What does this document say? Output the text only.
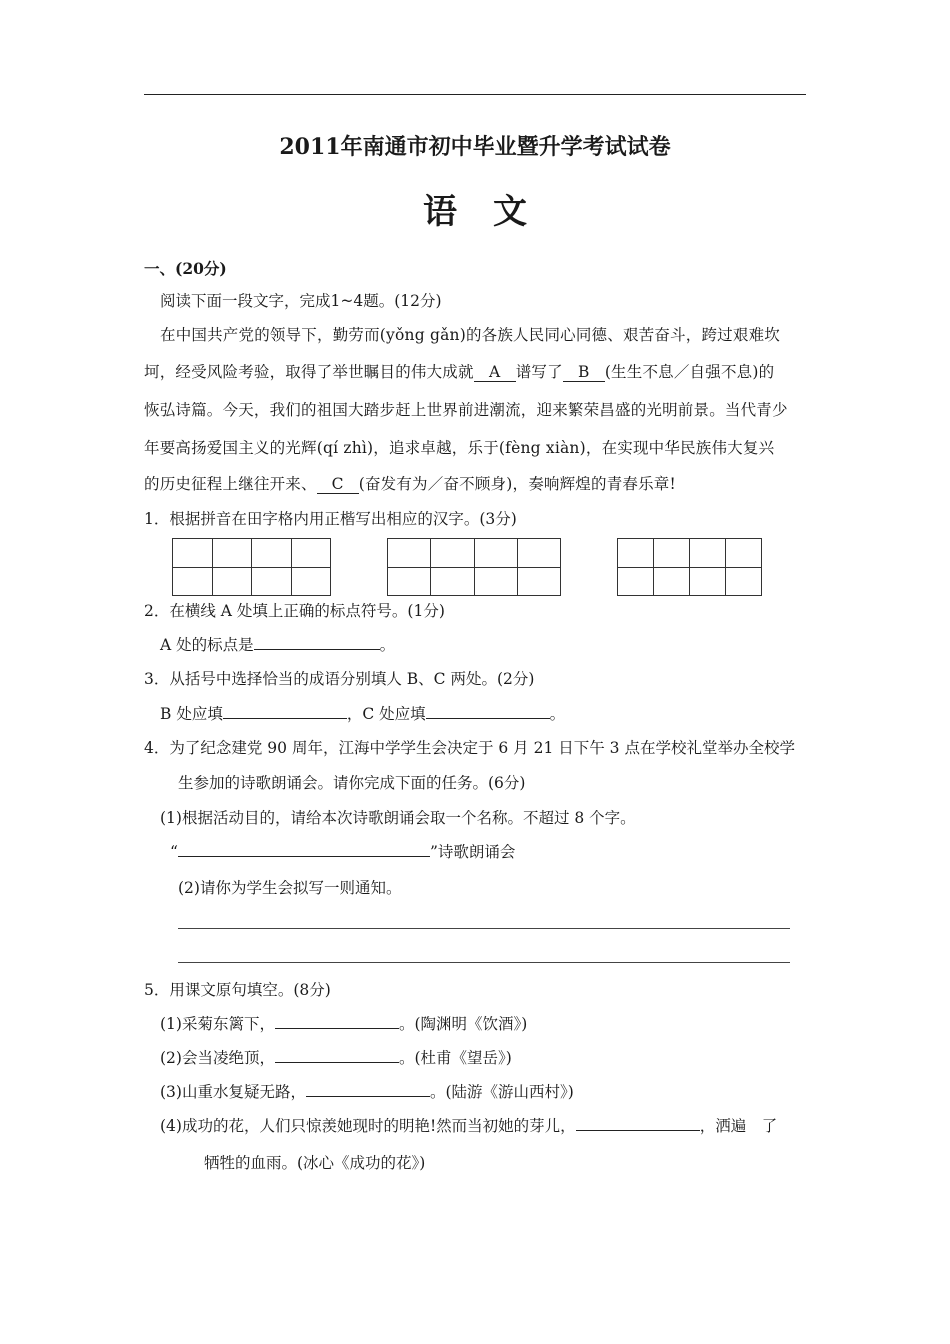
2011年南通市初中毕业暨升学考试试卷
语 文
一、(20分)
阅读下面一段文字，完成1~4题。(12分)
在中国共产党的领导下，勤劳而(yǒng gǎn)的各族人民同心同德、艰苦奋斗，跨过艰难坎
坷，经受风险考验，取得了举世瞩目的伟大成就 A 谱写了 B (生生不息／自强不息)的
恢弘诗篇。今天，我们的祖国大踏步赶上世界前进潮流，迎来繁荣昌盛的光明前景。当代青少
年要高扬爱国主义的光辉(qí zhì)，追求卓越，乐于(fèng xiàn)，在实现中华民族伟大复兴
的历史征程上继往开来、 C (奋发有为／奋不顾身)，奏响辉煌的青春乐章!
1．根据拼音在田字格内用正楷写出相应的汉字。(3分)
2．在横线 A 处填上正确的标点符号。(1分)
A 处的标点是	。
3．从括号中选择恰当的成语分别填人 B、C 两处。(2分)
B 处应填	，C 处应填	。
4．为了纪念建党 90 周年，江海中学学生会决定于 6 月 21 日下午 3 点在学校礼堂举办全校学
生参加的诗歌朗诵会。请你完成下面的任务。(6分)
(1)根据活动目的，请给本次诗歌朗诵会取一个名称。不超过 8 个字。
“	”诗歌朗诵会
(2)请你为学生会拟写一则通知。
5．用课文原句填空。(8分)
(1)采菊东篱下，	。(陶渊明《饮酒》)
(2)会当凌绝顶，	。(杜甫《望岳》)
(3)山重水复疑无路，	。(陆游《游山西村》)
(4)成功的花，人们只惊羡她现时的明艳!然而当初她的芽儿，	，洒遍　了
牺牲的血雨。(冰心《成功的花》)
